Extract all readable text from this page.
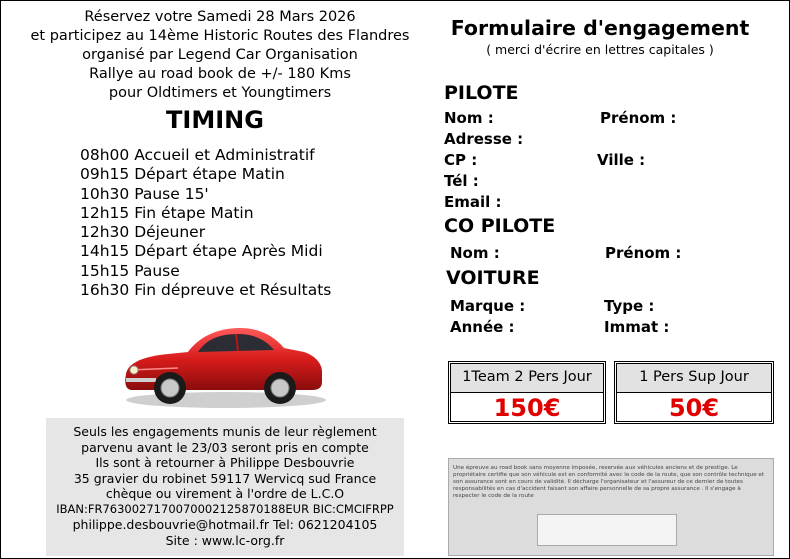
Réservez votre Samedi 28 Mars 2026
et participez au 14ème Historic Routes des Flandres
organisé par Legend Car Organisation
Rallye au road book de +/- 180 Kms
pour Oldtimers et Youngtimers
TIMING
08h00 Accueil et Administratif
09h15 Départ étape Matin
10h30 Pause 15'
12h15 Fin étape Matin
12h30 Déjeuner
14h15 Départ étape Après Midi
15h15 Pause
16h30 Fin dépreuve et Résultats
Seuls les engagements munis de leur règlement
parvenu avant le 23/03 seront pris en compte
Ils sont à retourner à Philippe Desbouvrie
35 gravier du robinet 59117 Wervicq sud France
chèque ou virement à l'ordre de L.C.O
IBAN:FR7630027170070002125870188EUR BIC:CMCIFRPP
philippe.desbouvrie@hotmail.fr Tel: 0621204105
Site : www.lc-org.fr
Formulaire d'engagement
( merci d'écrire en lettres capitales )
PILOTE
Nom :	Prénom :
Adresse :
CP :	Ville :
Tél :
Email :
CO PILOTE
Nom :	Prénom :
VOITURE
Marque :	Type :
Année :	Immat :
1Team 2 Pers Jour
150€
1 Pers Sup Jour
50€
Une épreuve au road book sans moyenne imposée, reservée aux véhicules anciens et de prestige. Le propriétaire certifie que son véhicule est en conformité avec le code de la route, que son contrôle technique et son assurance sont en cours de validité. Il décharge l'organisateur et l'assureur de ce dernier de toutes responsabilités en cas d'accident faisant son affaire personnelle de sa propre assurance . Il s'engage à respecter le code de la route
